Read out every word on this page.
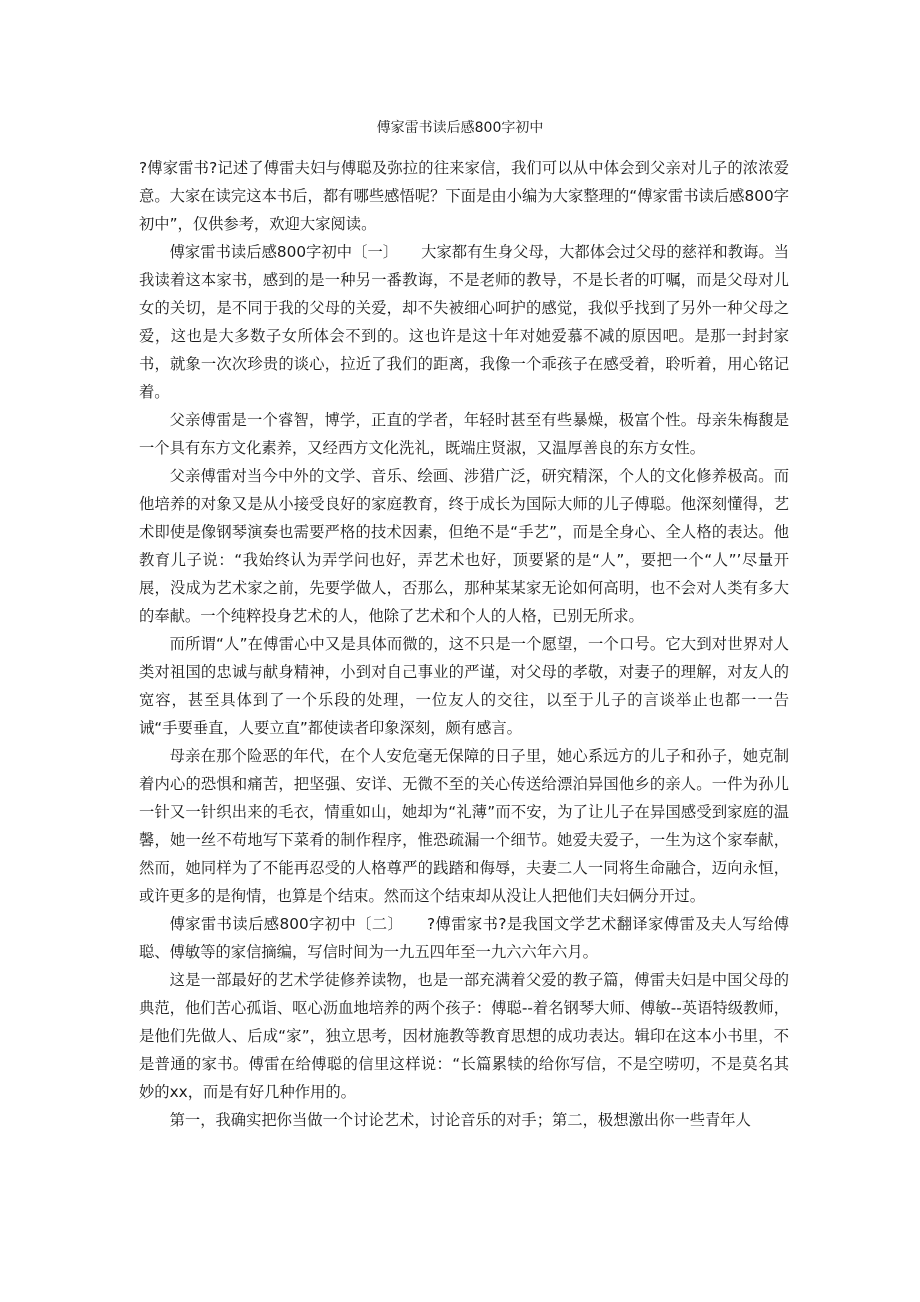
傅家雷书读后感800字初中

?傅家雷书?记述了傅雷夫妇与傅聪及弥拉的往来家信，我们可以从中体会到父亲对儿子的浓浓爱意。大家在读完这本书后，都有哪些感悟呢？下面是由小编为大家整理的“傅家雷书读后感800字初中”，仅供参考，欢迎大家阅读。

傅家雷书读后感800字初中〔一〕　　大家都有生身父母，大都体会过父母的慈祥和教诲。当我读着这本家书，感到的是一种另一番教诲，不是老师的教导，不是长者的叮嘱，而是父母对儿女的关切，是不同于我的父母的关爱，却不失被细心呵护的感觉，我似乎找到了另外一种父母之爱，这也是大多数子女所体会不到的。这也许是这十年对她爱慕不减的原因吧。是那一封封家书，就象一次次珍贵的谈心，拉近了我们的距离，我像一个乖孩子在感受着，聆听着，用心铭记着。

父亲傅雷是一个睿智，博学，正直的学者，年轻时甚至有些暴燥，极富个性。母亲朱梅馥是一个具有东方文化素养，又经西方文化洗礼，既端庄贤淑，又温厚善良的东方女性。

父亲傅雷对当今中外的文学、音乐、绘画、涉猎广泛，研究精深，个人的文化修养极高。而他培养的对象又是从小接受良好的家庭教育，终于成长为国际大师的儿子傅聪。他深刻懂得，艺术即使是像钢琴演奏也需要严格的技术因素，但绝不是“手艺”，而是全身心、全人格的表达。他教育儿子说：“我始终认为弄学问也好，弄艺术也好，顶要紧的是“人”，要把一个“人”’尽量开展，没成为艺术家之前，先要学做人，否那么，那种某某家无论如何高明，也不会对人类有多大的奉献。一个纯粹投身艺术的人，他除了艺术和个人的人格，已别无所求。

而所谓“人”在傅雷心中又是具体而微的，这不只是一个愿望，一个口号。它大到对世界对人类对祖国的忠诚与献身精神，小到对自己事业的严谨，对父母的孝敬，对妻子的理解，对友人的宽容，甚至具体到了一个乐段的处理，一位友人的交往，以至于儿子的言谈举止也都一一告诫“手要垂直，人要立直”都使读者印象深刻，颇有感言。

母亲在那个险恶的年代，在个人安危毫无保障的日子里，她心系远方的儿子和孙子，她克制着内心的恐惧和痛苦，把坚强、安详、无微不至的关心传送给漂泊异国他乡的亲人。一件为孙儿一针又一针织出来的毛衣，情重如山，她却为“礼薄”而不安，为了让儿子在异国感受到家庭的温馨，她一丝不苟地写下菜肴的制作程序，惟恐疏漏一个细节。她爱夫爱子，一生为这个家奉献，然而，她同样为了不能再忍受的人格尊严的践踏和侮辱，夫妻二人一同将生命融合，迈向永恒，或许更多的是徇情，也算是个结束。然而这个结束却从没让人把他们夫妇俩分开过。

傅家雷书读后感800字初中〔二〕　　?傅雷家书?是我国文学艺术翻译家傅雷及夫人写给傅聪、傅敏等的家信摘编，写信时间为一九五四年至一九六六年六月。

这是一部最好的艺术学徒修养读物，也是一部充满着父爱的教子篇，傅雷夫妇是中国父母的典范，他们苦心孤诣、呕心沥血地培养的两个孩子：傅聪--着名钢琴大师、傅敏--英语特级教师，是他们先做人、后成“家”，独立思考，因材施教等教育思想的成功表达。辑印在这本小书里，不是普通的家书。傅雷在给傅聪的信里这样说：“长篇累犊的给你写信，不是空唠叨，不是莫名其妙的xx，而是有好几种作用的。

第一，我确实把你当做一个讨论艺术，讨论音乐的对手；第二，极想激出你一些青年人
